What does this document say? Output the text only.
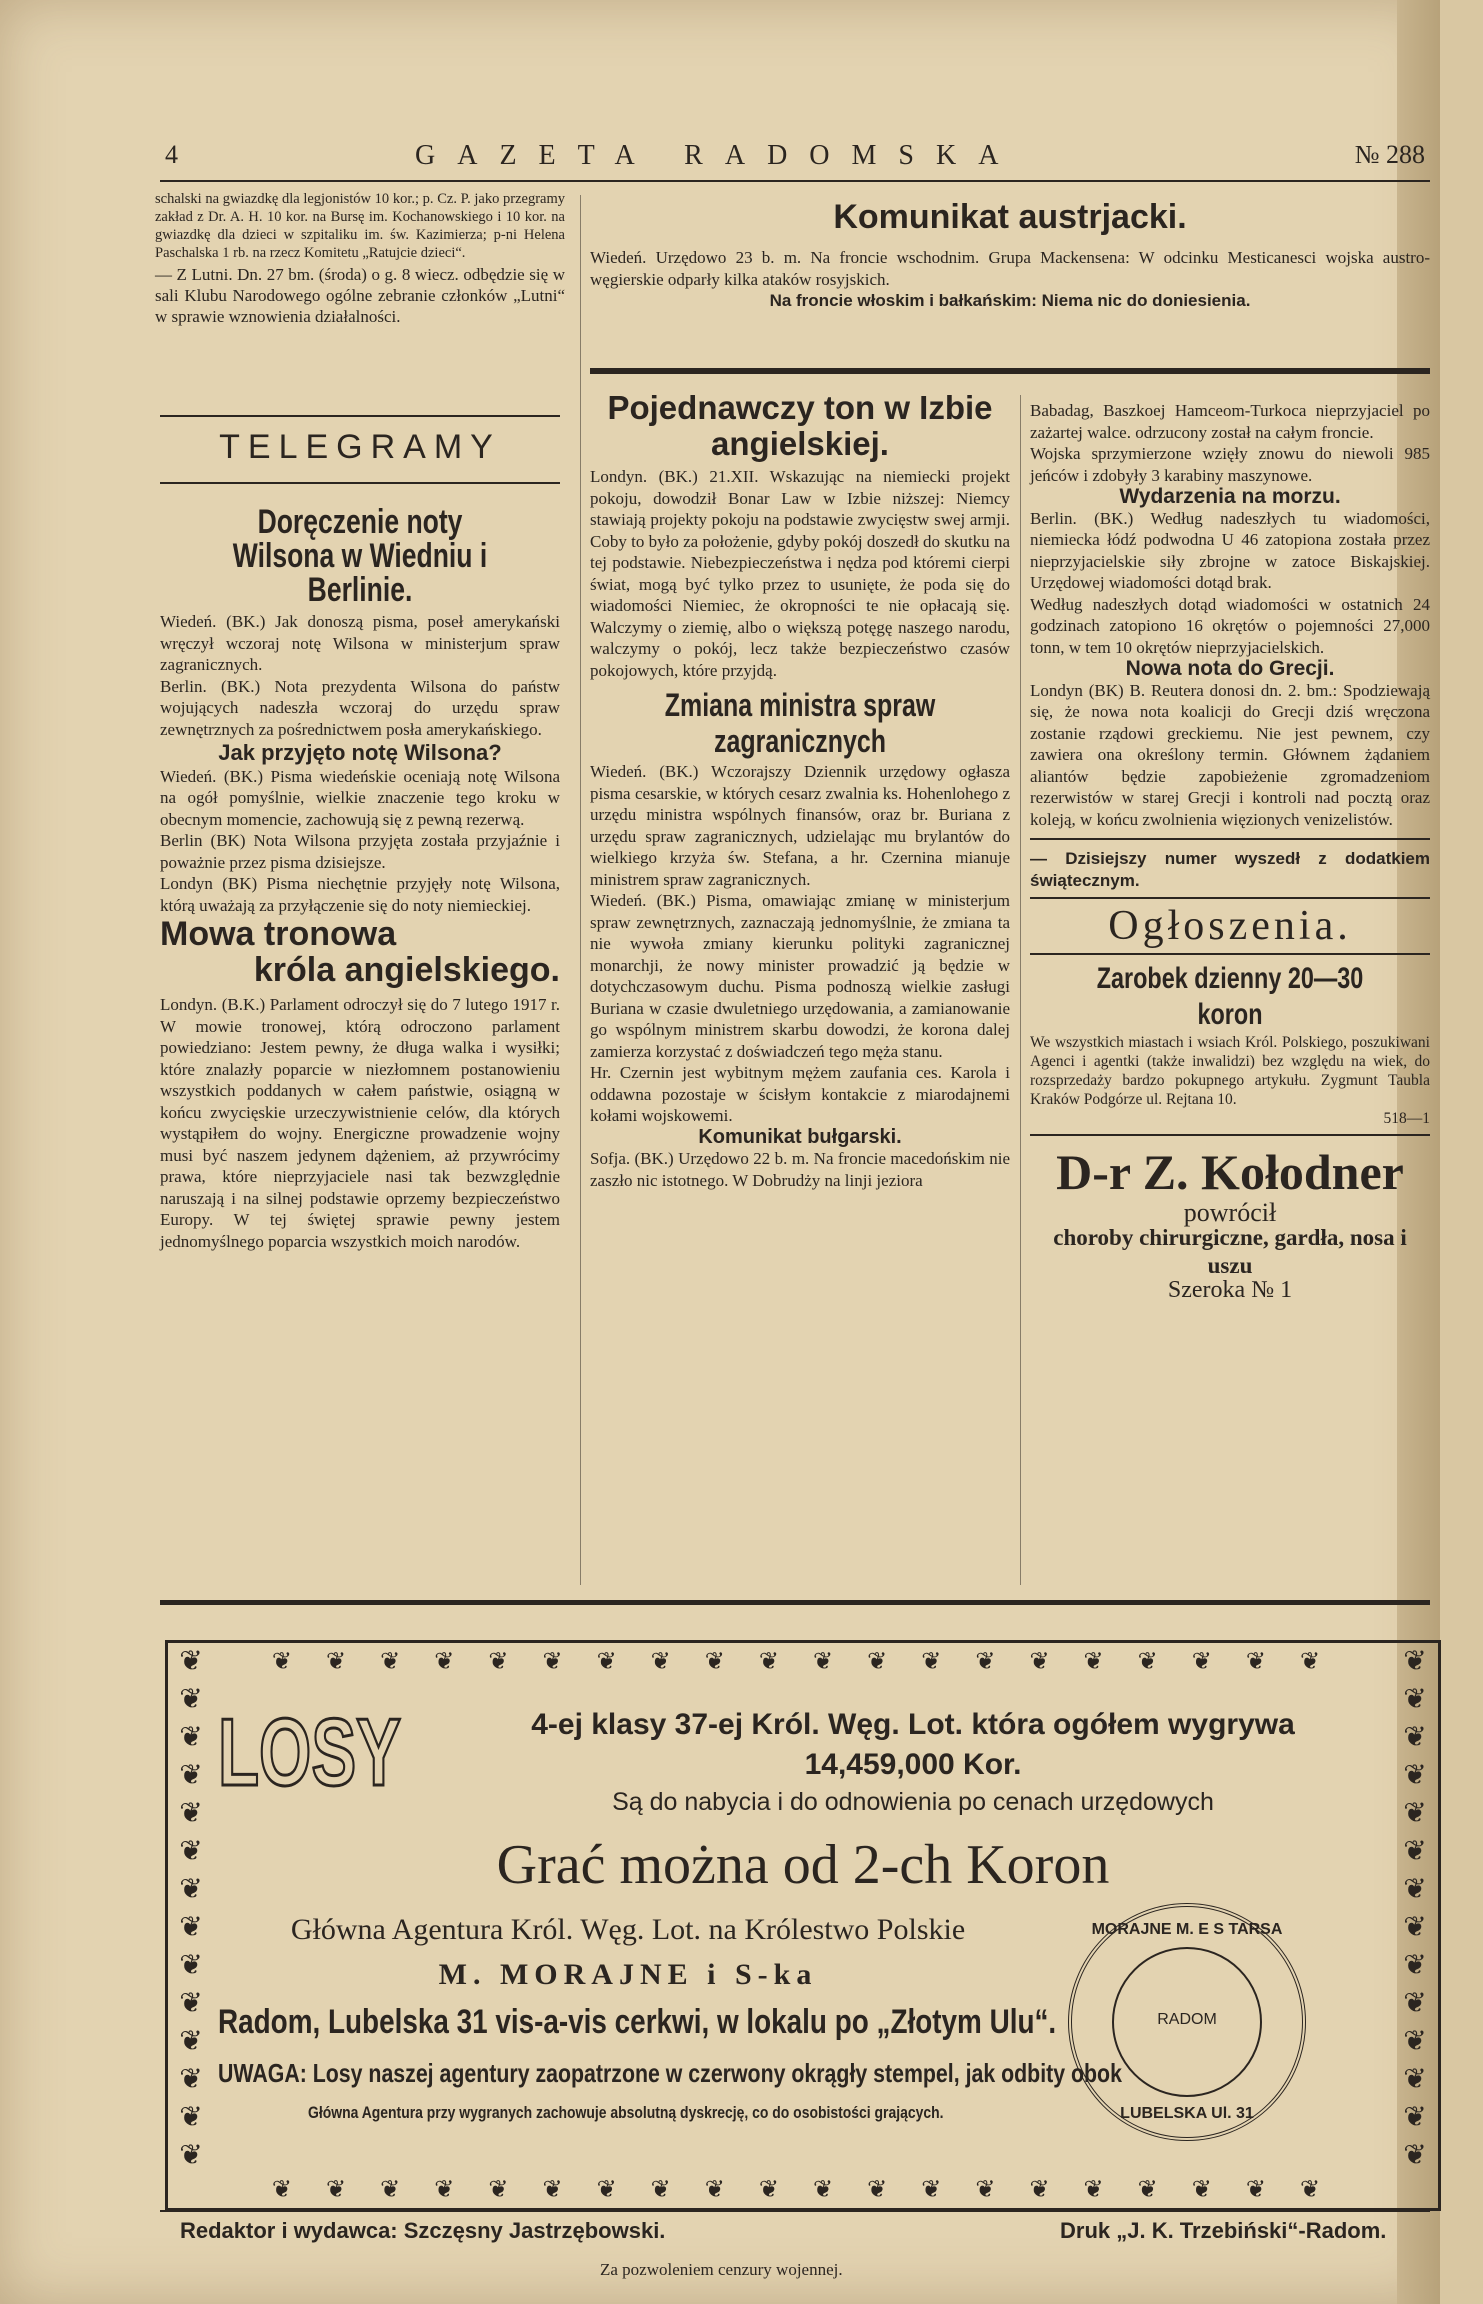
4	GAZETA RADOMSKA	№ 288

schalski na gwiazdkę dla legjonistów 10 kor.; p. Cz. P. jako przegramy zakład z Dr. A. H. 10 kor. na Bursę im. Kochanowskiego i 10 kor. na gwiazdkę dla dzieci w szpitaliku im. św. Kazimierza; p-ni Helena Paschalska 1 rb. na rzecz Komitetu „Ratujcie dzieci“.

— Z Lutni. Dn. 27 bm. (środa) o g. 8 wiecz. odbędzie się w sali Klubu Narodowego ogólne zebranie członków „Lutni“ w sprawie wznowienia działalności.

TELEGRAMY
Doręczenie noty Wilsona w Wiedniu i Berlinie.

Wiedeń. (BK.) Jak donoszą pisma, poseł amerykański wręczył wczoraj notę Wilsona w ministerjum spraw zagranicznych.

Berlin. (BK.) Nota prezydenta Wilsona do państw wojujących nadeszła wczoraj do urzędu spraw zewnętrznych za pośrednictwem posła amerykańskiego.

Jak przyjęto notę Wilsona?

Wiedeń. (BK.) Pisma wiedeńskie oceniają notę Wilsona na ogół pomyślnie, wielkie znaczenie tego kroku w obecnym momencie, zachowują się z pewną rezerwą.

Berlin (BK) Nota Wilsona przyjęta została przyjaźnie i poważnie przez pisma dzisiejsze.

Londyn (BK) Pisma niechętnie przyjęły notę Wilsona, którą uważają za przyłączenie się do noty niemieckiej.

Mowa tronowa
króla angielskiego.

Londyn. (B.K.) Parlament odroczył się do 7 lutego 1917 r. W mowie tronowej, którą odroczono parlament powiedziano: Jestem pewny, że długa walka i wysiłki; które znalazły poparcie w niezłomnem postanowieniu wszystkich poddanych w całem państwie, osiągną w końcu zwycięskie urzeczywistnienie celów, dla których wystąpiłem do wojny. Energiczne prowadzenie wojny musi być naszem jedynem dążeniem, aż przywrócimy prawa, które nieprzyjaciele nasi tak bezwzględnie naruszają i na silnej podstawie oprzemy bezpieczeństwo Europy. W tej świętej sprawie pewny jestem jednomyślnego poparcia wszystkich moich narodów.

Komunikat austrjacki.

Wiedeń. Urzędowo 23 b. m. Na froncie wschodnim. Grupa Mackensena: W odcinku Mesticanesci wojska austro-węgierskie odparły kilka ataków rosyjskich.

Na froncie włoskim i bałkańskim: Niema nic do doniesienia.

Pojednawczy ton w Izbie angielskiej.

Londyn. (BK.) 21.XII. Wskazując na niemiecki projekt pokoju, dowodził Bonar Law w Izbie niższej: Niemcy stawiają projekty pokoju na podstawie zwycięstw swej armji. Coby to było za położenie, gdyby pokój doszedł do skutku na tej podstawie. Niebezpieczeństwa i nędza pod któremi cierpi świat, mogą być tylko przez to usunięte, że poda się do wiadomości Niemiec, że okropności te nie opłacają się. Walczymy o ziemię, albo o większą potęgę naszego narodu, walczymy o pokój, lecz także bezpieczeństwo czasów pokojowych, które przyjdą.

Zmiana ministra spraw zagranicznych

Wiedeń. (BK.) Wczorajszy Dziennik urzędowy ogłasza pisma cesarskie, w których cesarz zwalnia ks. Hohenlohego z urzędu ministra wspólnych finansów, oraz br. Buriana z urzędu spraw zagranicznych, udzielając mu brylantów do wielkiego krzyża św. Stefana, a hr. Czernina mianuje ministrem spraw zagranicznych.

Wiedeń. (BK.) Pisma, omawiając zmianę w ministerjum spraw zewnętrznych, zaznaczają jednomyślnie, że zmiana ta nie wywoła zmiany kierunku polityki zagranicznej monarchji, że nowy minister prowadzić ją będzie w dotychczasowym duchu. Pisma podnoszą wielkie zasługi Buriana w czasie dwuletniego urzędowania, a zamianowanie go wspólnym ministrem skarbu dowodzi, że korona dalej zamierza korzystać z doświadczeń tego męża stanu.

Hr. Czernin jest wybitnym mężem zaufania ces. Karola i oddawna pozostaje w ścisłym kontakcie z miarodajnemi kołami wojskowemi.

Komunikat bułgarski.

Sofja. (BK.) Urzędowo 22 b. m. Na froncie macedońskim nie zaszło nic istotnego. W Dobrudży na linji jeziora

Babadag, Baszkoej Hamceom-Turkoca nieprzyjaciel po zażartej walce. odrzucony został na całym froncie.

Wojska sprzymierzone wzięły znowu do niewoli 985 jeńców i zdobyły 3 karabiny maszynowe.

Wydarzenia na morzu.

Berlin. (BK.) Według nadeszłych tu wiadomości, niemiecka łódź podwodna U 46 zatopiona została przez nieprzyjacielskie siły zbrojne w zatoce Biskajskiej. Urzędowej wiadomości dotąd brak.

Według nadeszłych dotąd wiadomości w ostatnich 24 godzinach zatopiono 16 okrętów o pojemności 27,000 tonn, w tem 10 okrętów nieprzyjacielskich.

Nowa nota do Grecji.

Londyn (BK) B. Reutera donosi dn. 2. bm.: Spodziewają się, że nowa nota koalicji do Grecji dziś wręczona zostanie rządowi greckiemu. Nie jest pewnem, czy zawiera ona określony termin. Głównem żądaniem aliantów będzie zapobieżenie zgromadzeniom rezerwistów w starej Grecji i kontroli nad pocztą oraz koleją, w końcu zwolnienia więzionych venizelistów.

— Dzisiejszy numer wyszedł z dodatkiem świątecznym.

Ogłoszenia.
Zarobek dzienny 20—30 koron

We wszystkich miastach i wsiach Król. Polskiego, poszukiwani Agenci i agentki (także inwalidzi) bez względu na wiek, do rozsprzedaży bardzo pokupnego artykułu. Zygmunt Taubla Kraków Podgórze ul. Rejtana 10.

518—1

D-r Z. Kołodner
powrócił
choroby chirurgiczne, gardła, nosa i uszu
Szeroka № 1
❦
❦
❦
❦
❦
❦
❦
❦
❦
❦
❦
❦
❦
❦
❦
❦
❦
❦
❦
❦
❦
❦
❦
❦
❦
❦
❦
❦
❦ ❦ ❦ ❦ ❦ ❦ ❦ ❦ ❦ ❦ ❦ ❦ ❦ ❦ ❦ ❦ ❦ ❦ ❦ ❦
❦ ❦ ❦ ❦ ❦ ❦ ❦ ❦ ❦ ❦ ❦ ❦ ❦ ❦ ❦ ❦ ❦ ❦ ❦ ❦
LOSY	4-ej klasy 37-ej Król. Węg. Lot. która ogółem wygrywa
14,459,000 Kor.
Są do nabycia i do odnowienia po cenach urzędowych
Grać można od 2-ch Koron
Główna Agentura Król. Węg. Lot. na Królestwo Polskie
M. MORAJNE i S-ka
Radom, Lubelska 31 vis-a-vis cerkwi, w lokalu po „Złotym Ulu“.
UWAGA: Losy naszej agentury zaopatrzone w czerwony okrągły stempel, jak odbity obok
Główna Agentura przy wygranych zachowuje absolutną dyskrecję, co do osobistości grających.
MORAJNE M. E S TARSA
RADOM
LUBELSKA Ul. 31
Redaktor i wydawca: Szczęsny Jastrzębowski.	Druk „J. K. Trzebiński“-Radom.
Za pozwoleniem cenzury wojennej.
